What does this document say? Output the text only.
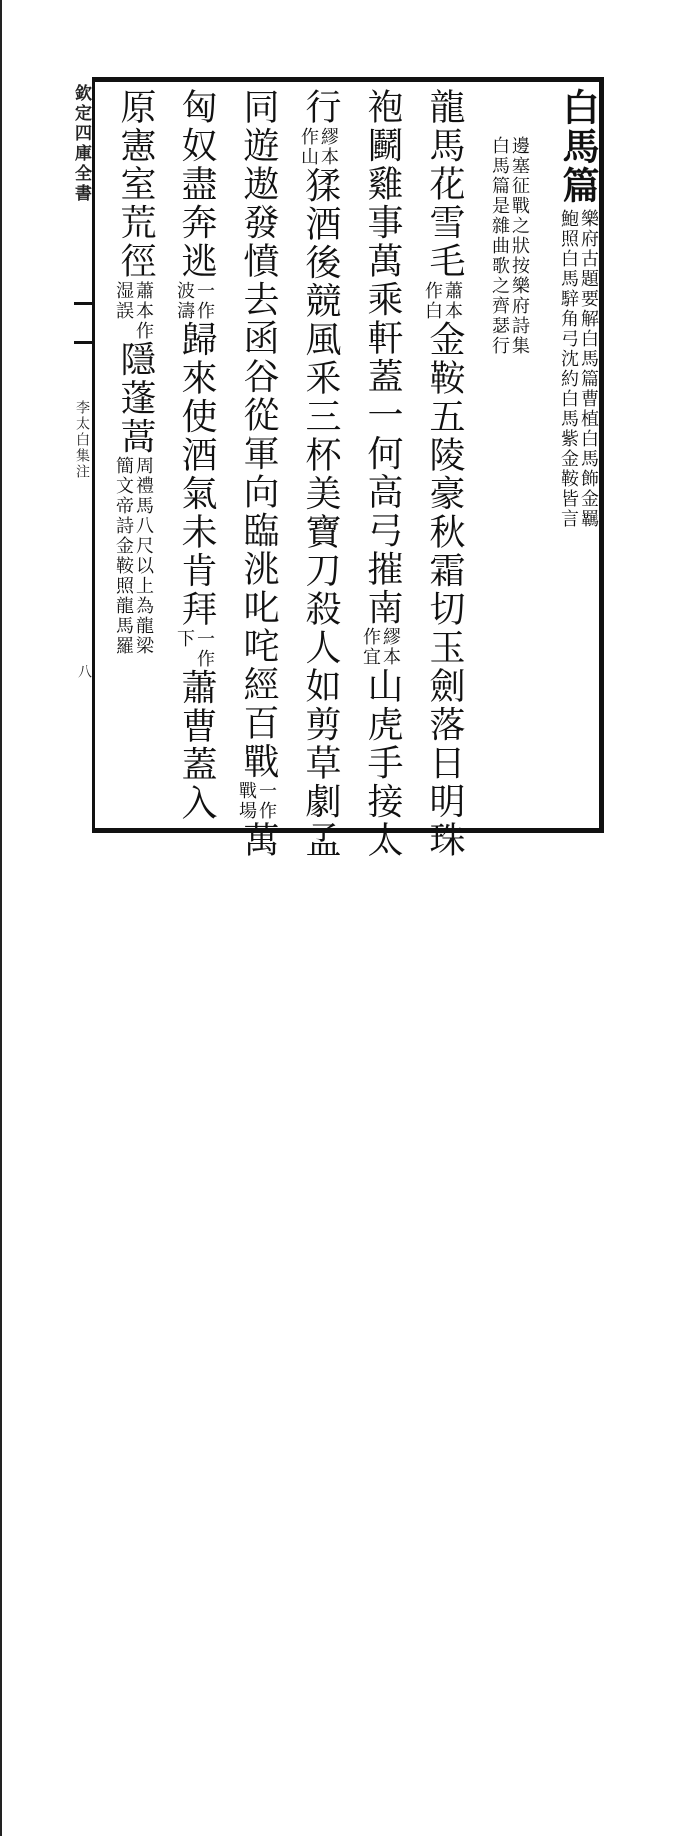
欽定四庫全書
李太白集注
八
白馬篇
樂府古題要解白馬篇曹植白馬飾金羈
鮑照白馬騂角弓沈約白馬紫金鞍皆言
邊塞征戰之狀按樂府詩集
白馬篇是雜曲歌之齊瑟行
龍馬花雪毛
蕭本
作白
金鞍五陵豪秋霜切玉劍落日明珠
袍鬬雞事萬乘軒蓋一何高弓摧南
繆本
作宜
山虎手接太
行
繆本
作山
猱酒後競風釆三杯美寶刀殺人如剪草劇孟
同遊遨發憤去函谷從軍向臨洮叱咤經百戰
一作
戰場
萬
匈奴盡奔逃
一作
波濤
歸來使酒氣未肯拜
一作
下
蕭曹蓋入
原憲室荒徑
蕭本作
湿誤
隱蓬蒿
周禮馬八尺以上為龍梁
簡文帝詩金鞍照龍馬羅
